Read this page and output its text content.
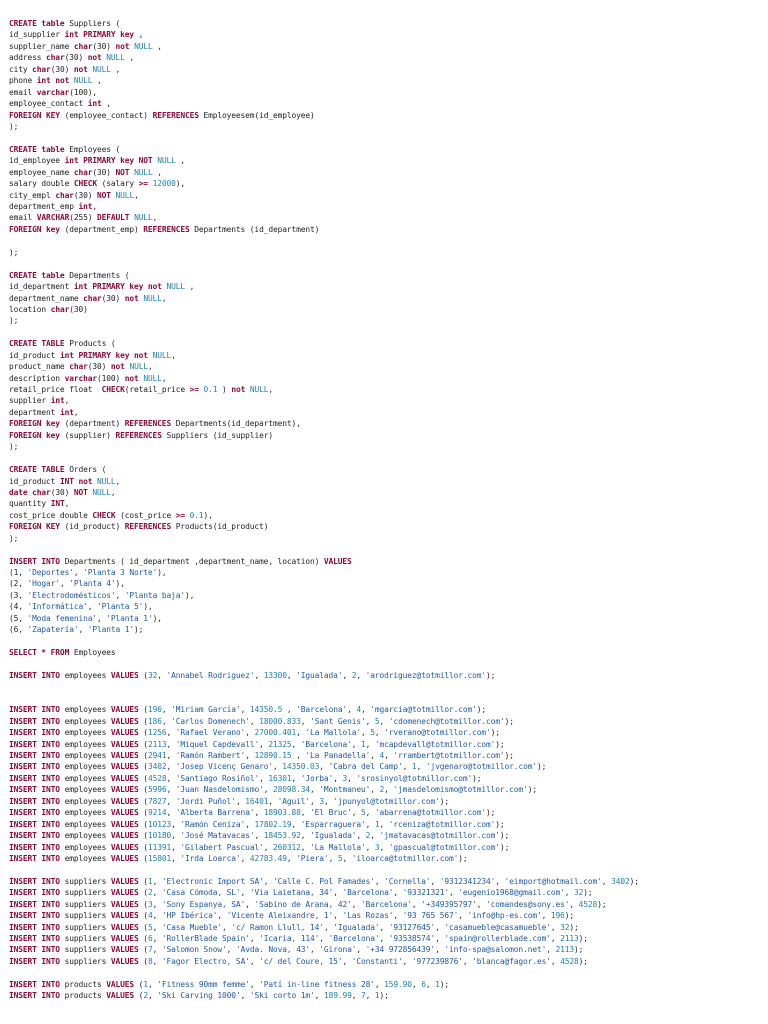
CREATE table Suppliers (
id_supplier int PRIMARY key ,
supplier_name char(30) not NULL ,
address char(30) not NULL ,
city char(30) not NULL ,
phone int not NULL ,
email varchar(100),
employee_contact int ,
FOREIGN KEY (employee_contact) REFERENCES Employeesem(id_employee)
);
CREATE table Employees (
id_employee int PRIMARY key NOT NULL ,
employee_name char(30) NOT NULL ,
salary double CHECK (salary >= 12000),
city_empl char(30) NOT NULL,
department_emp int,
email VARCHAR(255) DEFAULT NULL,
FOREIGN key (department_emp) REFERENCES Departments (id_department)
);
CREATE table Departments (
id_department int PRIMARY key not NULL ,
department_name char(30) not NULL,
location char(30)
);
CREATE TABLE Products (
id_product int PRIMARY key not NULL,
product_name char(30) not NULL,
description varchar(100) not NULL,
retail_price float  CHECK(retail_price >= 0.1 ) not NULL,
supplier int,
department int,
FOREIGN key (department) REFERENCES Departments(id_department),
FOREIGN key (supplier) REFERENCES Suppliers (id_supplier)
);
CREATE TABLE Orders (
id_product INT not NULL,
date char(30) NOT NULL,
quantity INT,
cost_price double CHECK (cost_price >= 0.1),
FOREIGN KEY (id_product) REFERENCES Products(id_product)
);
INSERT INTO Departments ( id_department ,department_name, location) VALUES
(1, 'Deportes', 'Planta 3 Norte'),
(2, 'Hogar', 'Planta 4'),
(3, 'Electrodomésticos', 'Planta baja'),
(4, 'Informática', 'Planta 5'),
(5, 'Moda femenina', 'Planta 1'),
(6, 'Zapatería', 'Planta 1');
SELECT * FROM Employees
INSERT INTO employees VALUES (32, 'Annabel Rodriguez', 13300, 'Igualada', 2, 'arodriguez@totmillor.com');
INSERT INTO employees VALUES (196, 'Miriam García', 14350.5 , 'Barcelona', 4, 'mgarcia@totmillor.com');
INSERT INTO employees VALUES (186, 'Carlos Domenech', 18000.833, 'Sant Genis', 5, 'cdomenech@totmillor.com');
INSERT INTO employees VALUES (1256, 'Rafael Verano', 27000.401, 'La Mallola', 5, 'rverano@totmillor.com');
INSERT INTO employees VALUES (2113, 'Miquel Capdevall', 21325, 'Barcelona', 1, 'mcapdevall@totmillor.com');
INSERT INTO employees VALUES (2941, 'Ramón Rambert', 12890.15 , 'La Panadella', 4, 'rrambert@totmillor.com');
INSERT INTO employees VALUES (3402, 'Josep Vicenç Genaro', 14350.03, 'Cabra del Camp', 1, 'jvgenaro@totmillor.com');
INSERT INTO employees VALUES (4528, 'Santiago Rosiñol', 16301, 'Jorba', 3, 'srosinyol@totmillor.com');
INSERT INTO employees VALUES (5996, 'Juan Nasdelomismo', 28098.34, 'Montmaneu', 2, 'jmasdelomismo@totmillor.com');
INSERT INTO employees VALUES (7827, 'Jordi Puñol', 16401, 'Aguil', 3, 'jpunyol@totmillor.com');
INSERT INTO employees VALUES (9214, 'Alberta Barrena', 18903.88, 'El Bruc', 5, 'abarrena@totmillor.com');
INSERT INTO employees VALUES (10123, 'Ramón Ceniza', 17802.19, 'Esparraguera', 1, 'rceniza@totmillor.com');
INSERT INTO employees VALUES (10180, 'José Matavacas', 18453.92, 'Igualada', 2, 'jmatavacas@totmillor.com');
INSERT INTO employees VALUES (11391, 'Gilabert Pascual', 260312, 'La Mallola', 3, 'gpascual@totmillor.com');
INSERT INTO employees VALUES (15801, 'Irda Loarca', 42783.49, 'Piera', 5, 'iloarca@totmillor.com');
INSERT INTO suppliers VALUES (1, 'Electronic Import SA', 'Calle C. Pol Famades', 'Cornella', '9312341234', 'eimport@hotmail.com', 3402);
INSERT INTO suppliers VALUES (2, 'Casa Cómoda, SL', 'Via Laietana, 34', 'Barcelona', '93321321', 'eugenio1968@gmail.com', 32);
INSERT INTO suppliers VALUES (3, 'Sony Espanya, SA', 'Sabino de Arana, 42', 'Barcelona', '+349395797', 'comandes@sony.es', 4528);
INSERT INTO suppliers VALUES (4, 'HP Ibérica', 'Vicente Aleixandre, 1', 'Las Rozas', '93 765 567', 'info@hp-es.com', 196);
INSERT INTO suppliers VALUES (5, 'Casa Mueble', 'c/ Ramon Llull, 14', 'Igualada', '93127645', 'casamueble@casamueble', 32);
INSERT INTO suppliers VALUES (6, 'RollerBlade Spain', 'Icaria, 114', 'Barcelona', '93538574', 'spain@rollerblade.com', 2113);
INSERT INTO suppliers VALUES (7, 'Salomon Snow', 'Avda. Nova, 43', 'Girona', '+34 972856439', 'info-spa@salomon.net', 2113);
INSERT INTO suppliers VALUES (8, 'Fagor Electro, SA', 'c/ del Coure, 15', 'Constanti', '977239876', 'blanca@fagor.es', 4528);
INSERT INTO products VALUES (1, 'Fitness 90mm femme', 'Patí in-line fitness 28', 159.90, 6, 1);
INSERT INTO products VALUES (2, 'Ski Carving 1000', 'Ski corto 1m', 189.99, 7, 1);
